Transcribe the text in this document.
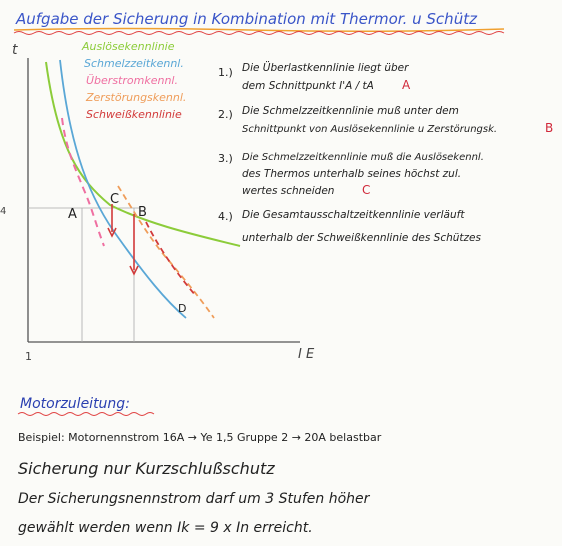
Aufgabe der Sicherung in Kombination mit Thermor. u Schütz
t
I E
1
4	A
C
B
D
Auslösekennlinie
Schmelzzeitkennl.
Überstromkennl.
Zerstörungskennl.
Schweißkennlinie
1.) Die Überlastkennlinie liegt über
dem Schnittpunkt I'A / tA A
2.) Die Schmelzzeitkennlinie muß unter dem
Schnittpunkt von Auslösekennlinie u Zerstörungsk.	B
3.) Die Schmelzzeitkennlinie muß die Auslösekennl.
des Thermos unterhalb seines höchst zul.
wertes schneiden C
4.) Die Gesamtausschaltzeitkennlinie verläuft
unterhalb der Schweißkennlinie des Schützes
Motorzuleitung:
Beispiel: Motornennstrom 16A → Ye 1,5 Gruppe 2 → 20A belastbar
Sicherung nur Kurzschlußschutz
Der Sicherungsnennstrom darf um 3 Stufen höher
gewählt werden wenn Ik = 9 x In erreicht.
